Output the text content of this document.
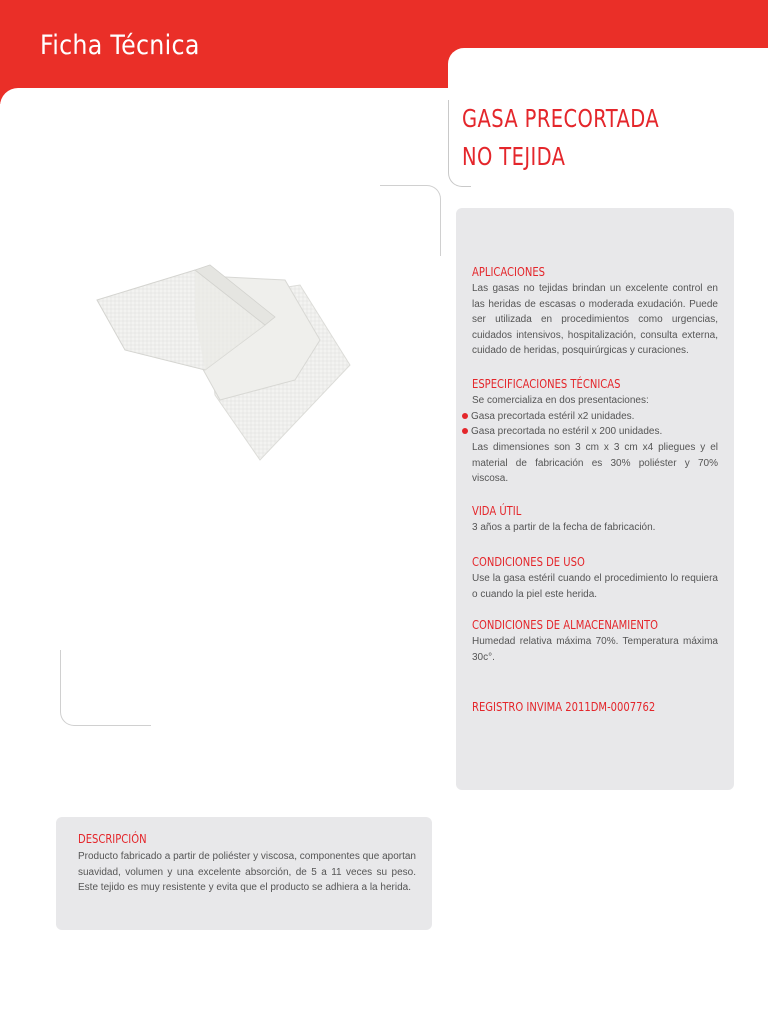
Ficha Técnica
GASA PRECORTADA
NO TEJIDA

APLICACIONES

Las gasas no tejidas brindan un excelente control en las heridas de escasas o moderada exudación. Puede ser utilizada en procedimientos como urgencias, cuidados intensivos, hospitalización, consulta externa, cuidado de heridas, posquirúrgicas y curaciones.

ESPECIFICACIONES TÉCNICAS

Se comercializa en dos presentaciones:

Gasa precortada estéril x2 unidades.
Gasa precortada no estéril x 200 unidades.

Las dimensiones son 3 cm x 3 cm x4 pliegues y el material de fabricación es 30% poliéster y 70% viscosa.

VIDA ÚTIL

3 años a partir de la fecha de fabricación.

CONDICIONES DE USO

Use la gasa estéril cuando el procedimiento lo requiera o cuando la piel este herida.

CONDICIONES DE ALMACENAMIENTO

Humedad relativa máxima 70%. Temperatura máxima 30c°.

REGISTRO INVIMA 2011DM-0007762
DESCRIPCIÓN

Producto fabricado a partir de poliéster y viscosa, componentes que aportan suavidad, volumen y una excelente absorción, de 5 a 11 veces su peso. Este tejido es muy resistente y evita que el producto se adhiera a la herida.
